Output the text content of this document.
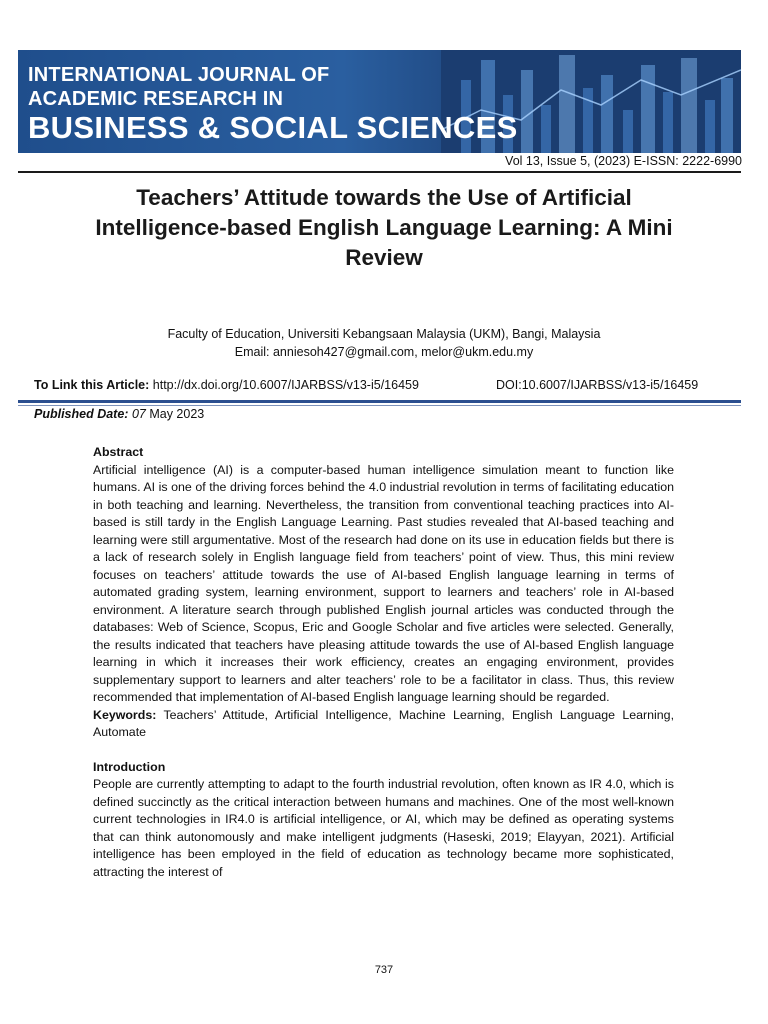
INTERNATIONAL JOURNAL OF
ACADEMIC RESEARCH IN
BUSINESS & SOCIAL SCIENCES
Vol 13, Issue 5, (2023) E-ISSN: 2222-6990
Teachers’ Attitude towards the Use of Artificial Intelligence-based English Language Learning: A Mini Review
Faculty of Education, Universiti Kebangsaan Malaysia (UKM), Bangi, Malaysia
Email: anniesoh427@gmail.com, melor@ukm.edu.my
To Link this Article: http://dx.doi.org/10.6007/IJARBSS/v13-i5/16459	DOI:10.6007/IJARBSS/v13-i5/16459
Published Date: 07 May 2023

Abstract

Artificial intelligence (AI) is a computer-based human intelligence simulation meant to function like humans. AI is one of the driving forces behind the 4.0 industrial revolution in terms of facilitating education in both teaching and learning. Nevertheless, the transition from conventional teaching practices into AI-based is still tardy in the English Language Learning. Past studies revealed that AI-based teaching and learning were still argumentative. Most of the research had done on its use in education fields but there is a lack of research solely in English language field from teachers’ point of view. Thus, this mini review focuses on teachers’ attitude towards the use of AI-based English language learning in terms of automated grading system, learning environment, support to learners and teachers’ role in AI-based environment. A literature search through published English journal articles was conducted through the databases: Web of Science, Scopus, Eric and Google Scholar and five articles were selected. Generally, the results indicated that teachers have pleasing attitude towards the use of AI-based English language learning in which it increases their work efficiency, creates an engaging environment, provides supplementary support to learners and alter teachers’ role to be a facilitator in class. Thus, this review recommended that implementation of AI-based English language learning should be regarded.

Keywords: Teachers’ Attitude, Artificial Intelligence, Machine Learning, English Language Learning, Automate

Introduction

People are currently attempting to adapt to the fourth industrial revolution, often known as IR 4.0, which is defined succinctly as the critical interaction between humans and machines. One of the most well-known current technologies in IR4.0 is artificial intelligence, or AI, which may be defined as operating systems that can think autonomously and make intelligent judgments (Haseski, 2019; Elayyan, 2021). Artificial intelligence has been employed in the field of education as technology became more sophisticated, attracting the interest of

737
